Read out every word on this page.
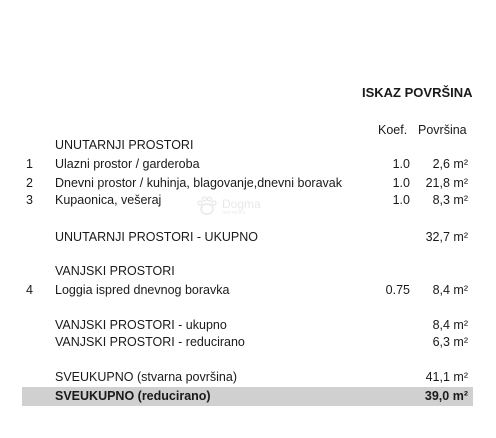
ISKAZ POVRŠINA
Koef. Površina
UNUTARNJI PROSTORI
1 Ulazni prostor / garderoba	1.0 2,6 m²
2 Dnevni prostor / kuhinja, blagovanje,dnevni boravak	1.0 21,8 m²
3 Kupaonica, vešeraj	1.0 8,3 m²
Dogma
nekretnine
UNUTARNJI PROSTORI - UKUPNO	32,7 m²
VANJSKI PROSTORI
4 Loggia ispred dnevnog boravka	0.75 8,4 m²
VANJSKI PROSTORI - ukupno	8,4 m²
VANJSKI PROSTORI - reducirano	6,3 m²
SVEUKUPNO (stvarna površina)	41,1 m²
SVEUKUPNO (reducirano)	39,0 m²
